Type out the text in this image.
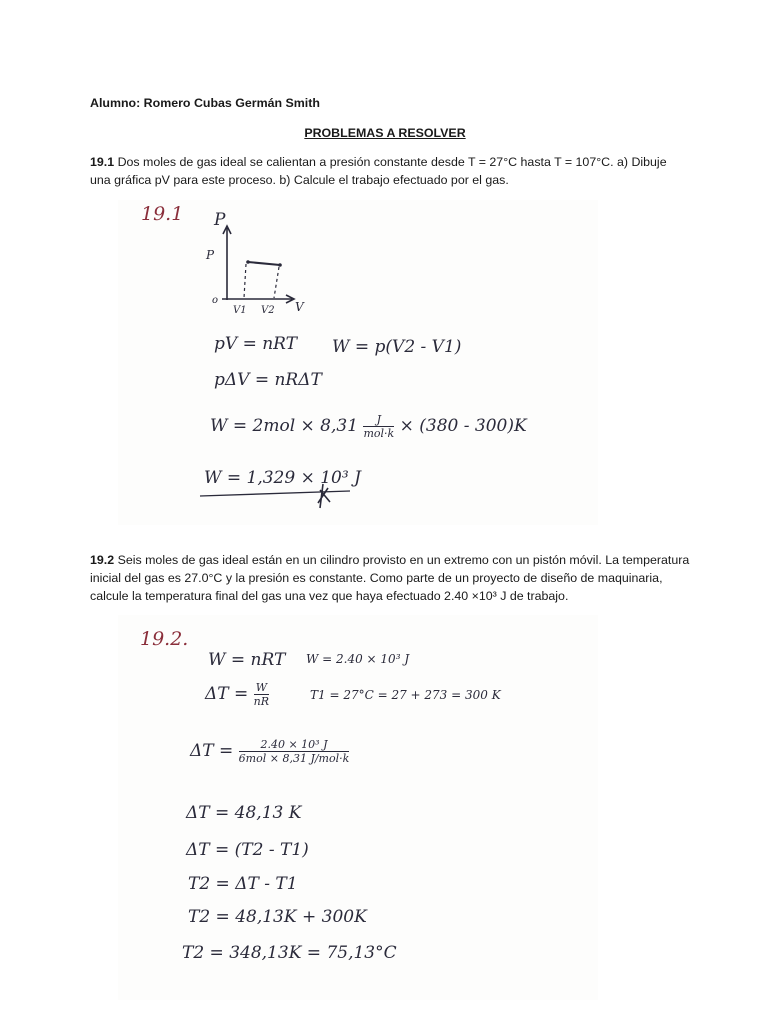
Alumno: Romero Cubas Germán Smith
PROBLEMAS A RESOLVER
19.1 Dos moles de gas ideal se calientan a presión constante desde T = 27°C hasta T = 107°C. a) Dibuje una gráfica pV para este proceso. b) Calcule el trabajo efectuado por el gas.
19.1 P
P
o	V
V1 V2
pV = nRT W = p(V2 - V1)
pΔV = nRΔT
$W = 2mol \times 8,31 \frac{J}{\text{mol·k}} \times (380 - 300)K$
W = 1,329 × 10³ J
19.2 Seis moles de gas ideal están en un cilindro provisto en un extremo con un pistón móvil. La temperatura inicial del gas es 27.0°C y la presión es constante. Como parte de un proyecto de diseño de maquinaria, calcule la temperatura final del gas una vez que haya efectuado 2.40 ×10³ J de trabajo.
19.2.
W = nRT W = 2.40 × 10³ J
$\Delta T = \frac{W}{nR}$	T1 = 27°C = 27 + 273 = 300 K
$\Delta T = \frac{\text{2.40 × 10³ J}}{\text{6mol × 8,31 J/mol·k}}$
ΔT = 48,13 K
ΔT = (T2 - T1)
T2 = ΔT - T1
T2 = 48,13K + 300K
T2 = 348,13K = 75,13°C
